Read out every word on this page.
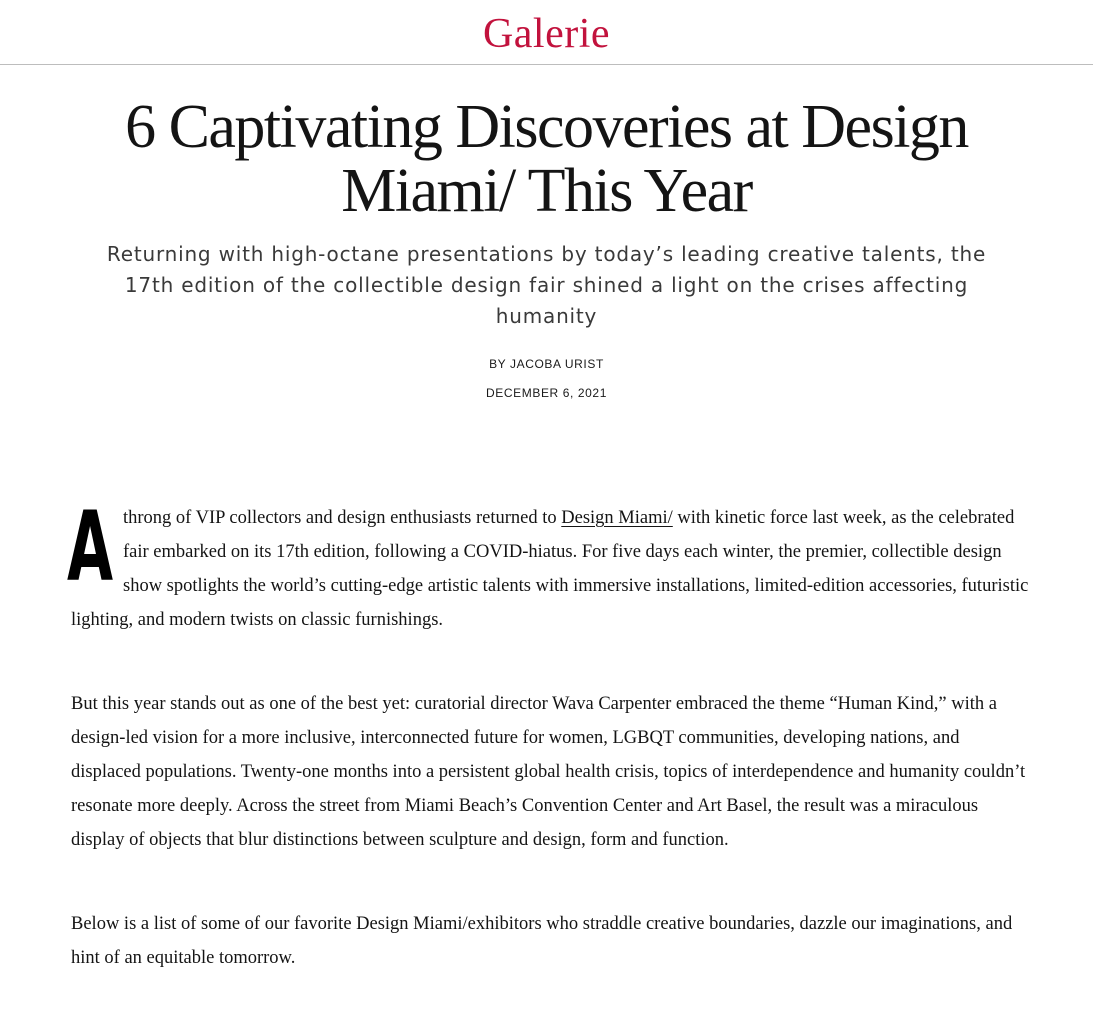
Galerie
6 Captivating Discoveries at Design Miami/ This Year
Returning with high-octane presentations by today’s leading creative talents, the 17th edition of the collectible design fair shined a light on the crises affecting humanity
BY JACOBA URIST
DECEMBER 6, 2021

A throng of VIP collectors and design enthusiasts returned to Design Miami/ with kinetic force last week, as the celebrated fair embarked on its 17th edition, following a COVID-hiatus. For five days each winter, the premier, collectible design show spotlights the world’s cutting-edge artistic talents with immersive installations, limited-edition accessories, futuristic lighting, and modern twists on classic furnishings.

But this year stands out as one of the best yet: curatorial director Wava Carpenter embraced the theme “Human Kind,” with a design-led vision for a more inclusive, interconnected future for women, LGBQT communities, developing nations, and displaced populations. Twenty-one months into a persistent global health crisis, topics of interdependence and humanity couldn’t resonate more deeply. Across the street from Miami Beach’s Convention Center and Art Basel, the result was a miraculous display of objects that blur distinctions between sculpture and design, form and function.

Below is a list of some of our favorite Design Miami/exhibitors who straddle creative boundaries, dazzle our imaginations, and hint of an equitable tomorrow.
